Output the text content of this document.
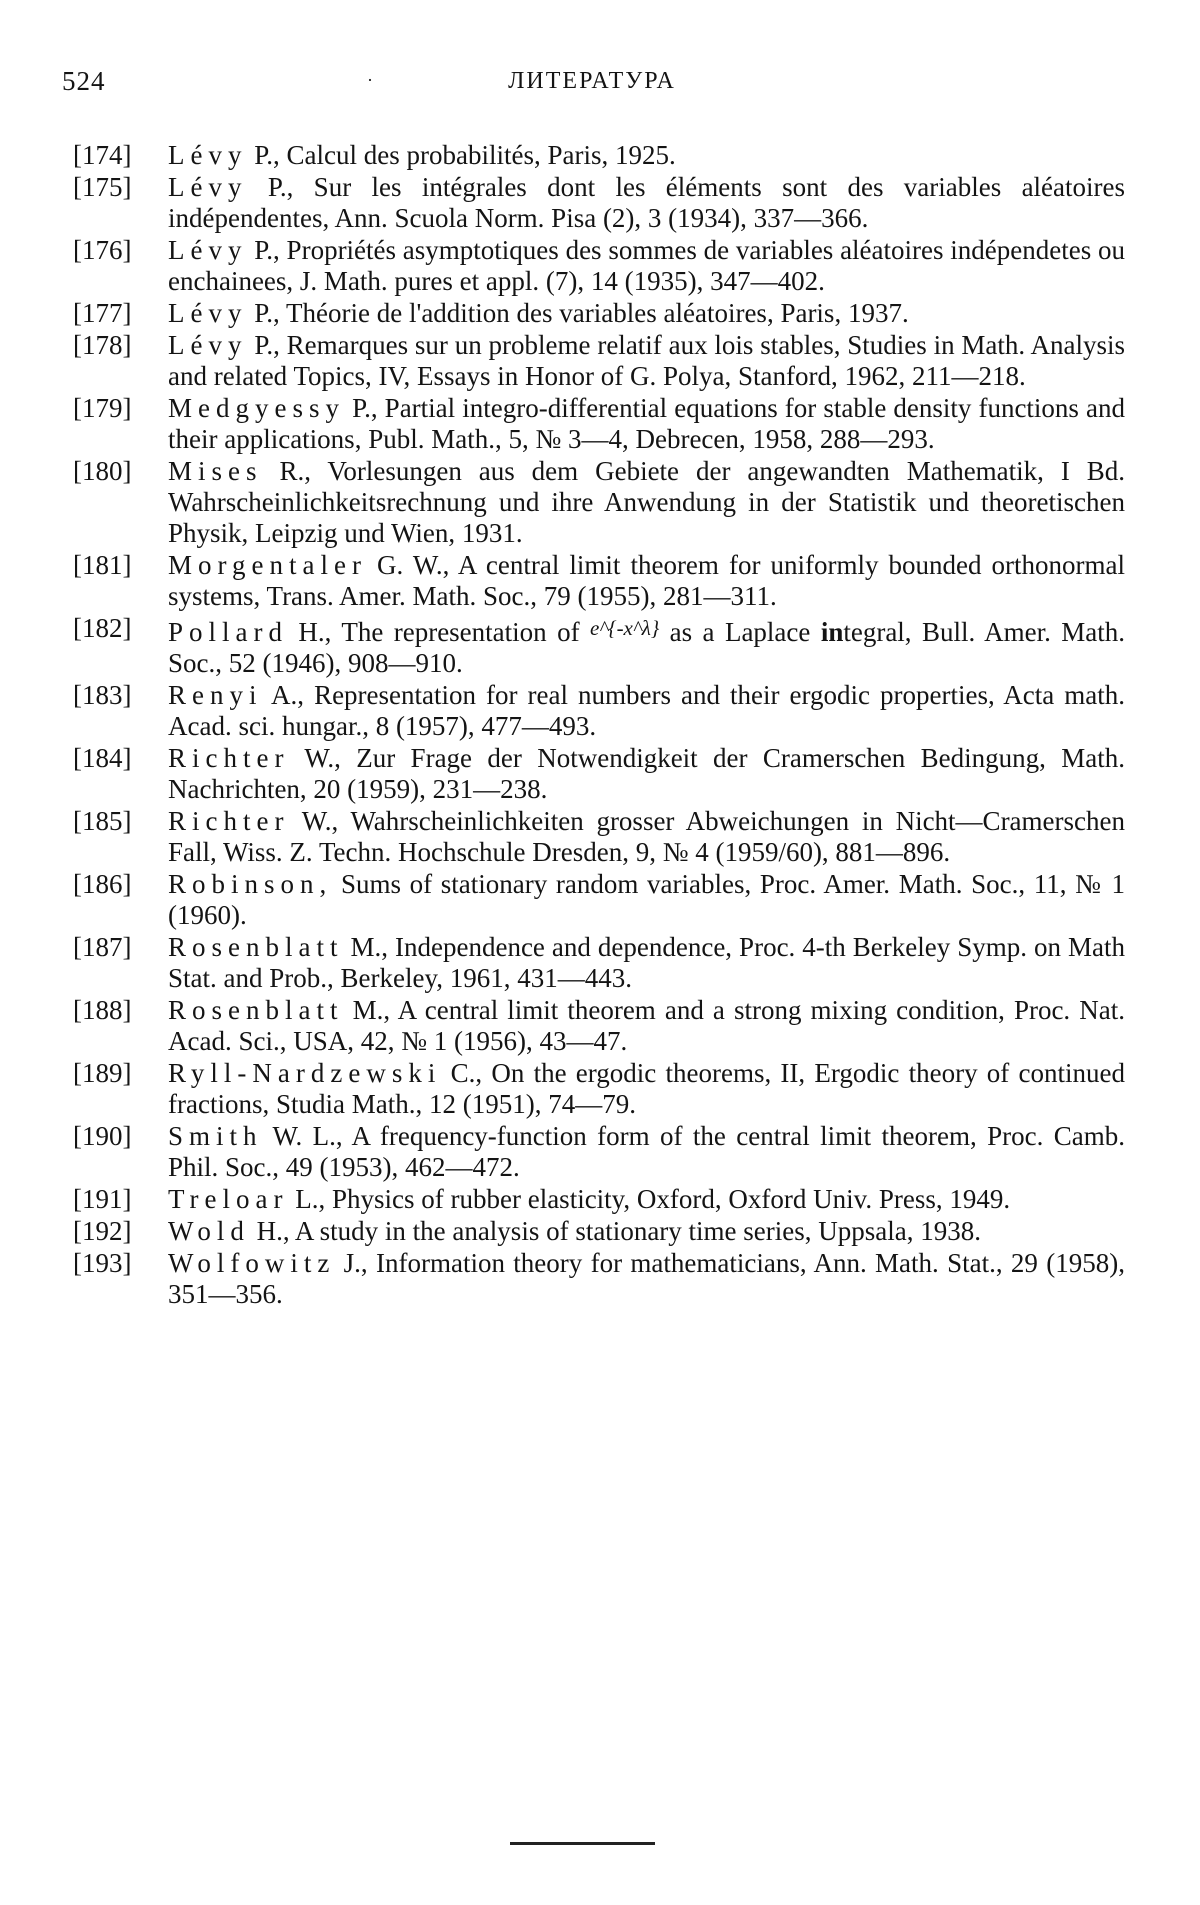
524	·	ЛИТЕРАТУРА
[174]	Lévy P., Calcul des probabilités, Paris, 1925.
[175]	Lévy P., Sur les intégrales dont les éléments sont des variables aléatoires indépendentes, Ann. Scuola Norm. Pisa (2), 3 (1934), 337—366.
[176]	Lévy P., Propriétés asymptotiques des sommes de variables aléatoires indépendetes ou enchainees, J. Math. pures et appl. (7), 14 (1935), 347—402.
[177]	Lévy P., Théorie de l'addition des variables aléatoires, Paris, 1937.
[178]	Lévy P., Remarques sur un probleme relatif aux lois stables, Studies in Math. Analysis and related Topics, IV, Essays in Honor of G. Polya, Stanford, 1962, 211—218.
[179]	Medgyessy P., Partial integro-differential equations for stable density functions and their applications, Publ. Math., 5, № 3—4, Debrecen, 1958, 288—293.
[180]	Mises R., Vorlesungen aus dem Gebiete der angewandten Mathematik, I Bd. Wahrscheinlichkeitsrechnung und ihre Anwendung in der Statistik und theoretischen Physik, Leipzig und Wien, 1931.
[181]	Morgentaler G. W., A central limit theorem for uniformly bounded orthonormal systems, Trans. Amer. Math. Soc., 79 (1955), 281—311.
[182]	Pollard H., The representation of $^{e\^{}\{-x\^{}\lambda\}}$ as a Laplace integral, Bull. Amer. Math. Soc., 52 (1946), 908—910.
[183]	Renyi A., Representation for real numbers and their ergodic properties, Acta math. Acad. sci. hungar., 8 (1957), 477—493.
[184]	Richter W., Zur Frage der Notwendigkeit der Cramerschen Bedingung, Math. Nachrichten, 20 (1959), 231—238.
[185]	Richter W., Wahrscheinlichkeiten grosser Abweichungen in Nicht—Cramerschen Fall, Wiss. Z. Techn. Hochschule Dresden, 9, № 4 (1959/60), 881—896.
[186]	Robinson, Sums of stationary random variables, Proc. Amer. Math. Soc., 11, № 1 (1960).
[187]	Rosenblatt M., Independence and dependence, Proc. 4-th Berkeley Symp. on Math Stat. and Prob., Berkeley, 1961, 431—443.
[188]	Rosenblatt M., A central limit theorem and a strong mixing condition, Proc. Nat. Acad. Sci., USA, 42, № 1 (1956), 43—47.
[189]	Ryll-Nardzewski C., On the ergodic theorems, II, Ergodic theory of continued fractions, Studia Math., 12 (1951), 74—79.
[190]	Smith W. L., A frequency-function form of the central limit theorem, Proc. Camb. Phil. Soc., 49 (1953), 462—472.
[191]	Treloar L., Physics of rubber elasticity, Oxford, Oxford Univ. Press, 1949.
[192]	Wold H., A study in the analysis of stationary time series, Uppsala, 1938.
[193]	Wolfowitz J., Information theory for mathematicians, Ann. Math. Stat., 29 (1958), 351—356.
